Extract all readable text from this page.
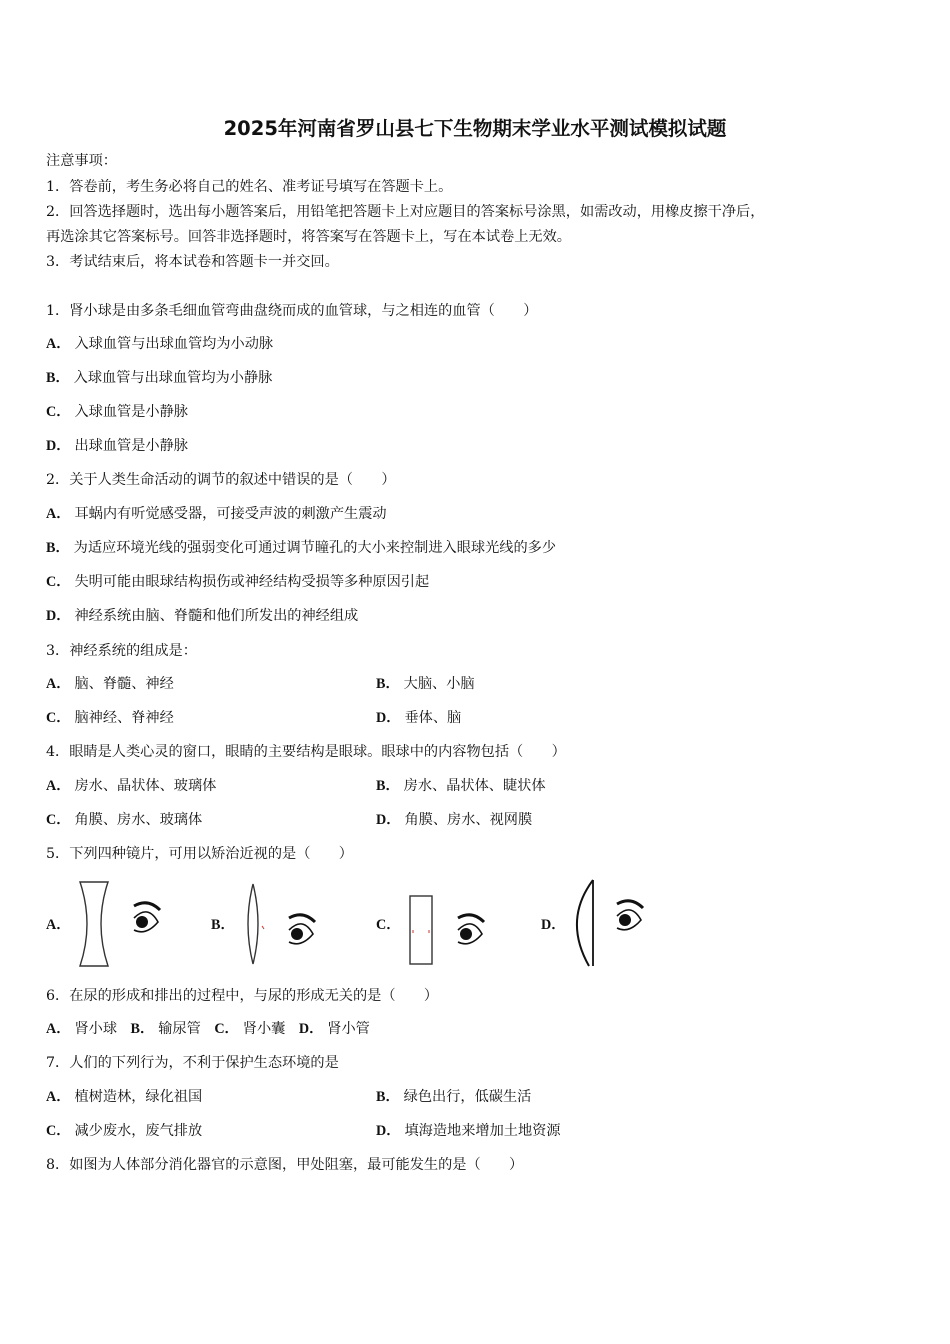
2025年河南省罗山县七下生物期末学业水平测试模拟试题
注意事项：
1．答卷前，考生务必将自己的姓名、准考证号填写在答题卡上。
2．回答选择题时，选出每小题答案后，用铅笔把答题卡上对应题目的答案标号涂黑，如需改动，用橡皮擦干净后，
再选涂其它答案标号。回答非选择题时，将答案写在答题卡上，写在本试卷上无效。
3．考试结束后，将本试卷和答题卡一并交回。
1．肾小球是由多条毛细血管弯曲盘绕而成的血管球，与之相连的血管（　　）
A． 入球血管与出球血管均为小动脉
B． 入球血管与出球血管均为小静脉
C． 入球血管是小静脉
D． 出球血管是小静脉
2．关于人类生命活动的调节的叙述中错误的是（　　）
A． 耳蜗内有听觉感受器，可接受声波的刺激产生震动
B． 为适应环境光线的强弱变化可通过调节瞳孔的大小来控制进入眼球光线的多少
C． 失明可能由眼球结构损伤或神经结构受损等多种原因引起
D． 神经系统由脑、脊髓和他们所发出的神经组成
3．神经系统的组成是：
A． 脑、脊髓、神经	B． 大脑、小脑
C． 脑神经、脊神经	D． 垂体、脑
4．眼睛是人类心灵的窗口，眼睛的主要结构是眼球。眼球中的内容物包括（　　）
A． 房水、晶状体、玻璃体	B． 房水、晶状体、睫状体
C． 角膜、房水、玻璃体	D． 角膜、房水、视网膜
5．下列四种镜片，可用以矫治近视的是（　　）
A．	B．	C．	D．
6．在尿的形成和排出的过程中，与尿的形成无关的是（　　）
A． 肾小球 B． 输尿管 C． 肾小囊 D． 肾小管
7．人们的下列行为，不利于保护生态环境的是
A． 植树造林，绿化祖国	B． 绿色出行，低碳生活
C． 减少废水，废气排放	D． 填海造地来增加土地资源
8．如图为人体部分消化器官的示意图，甲处阻塞，最可能发生的是（　　）
